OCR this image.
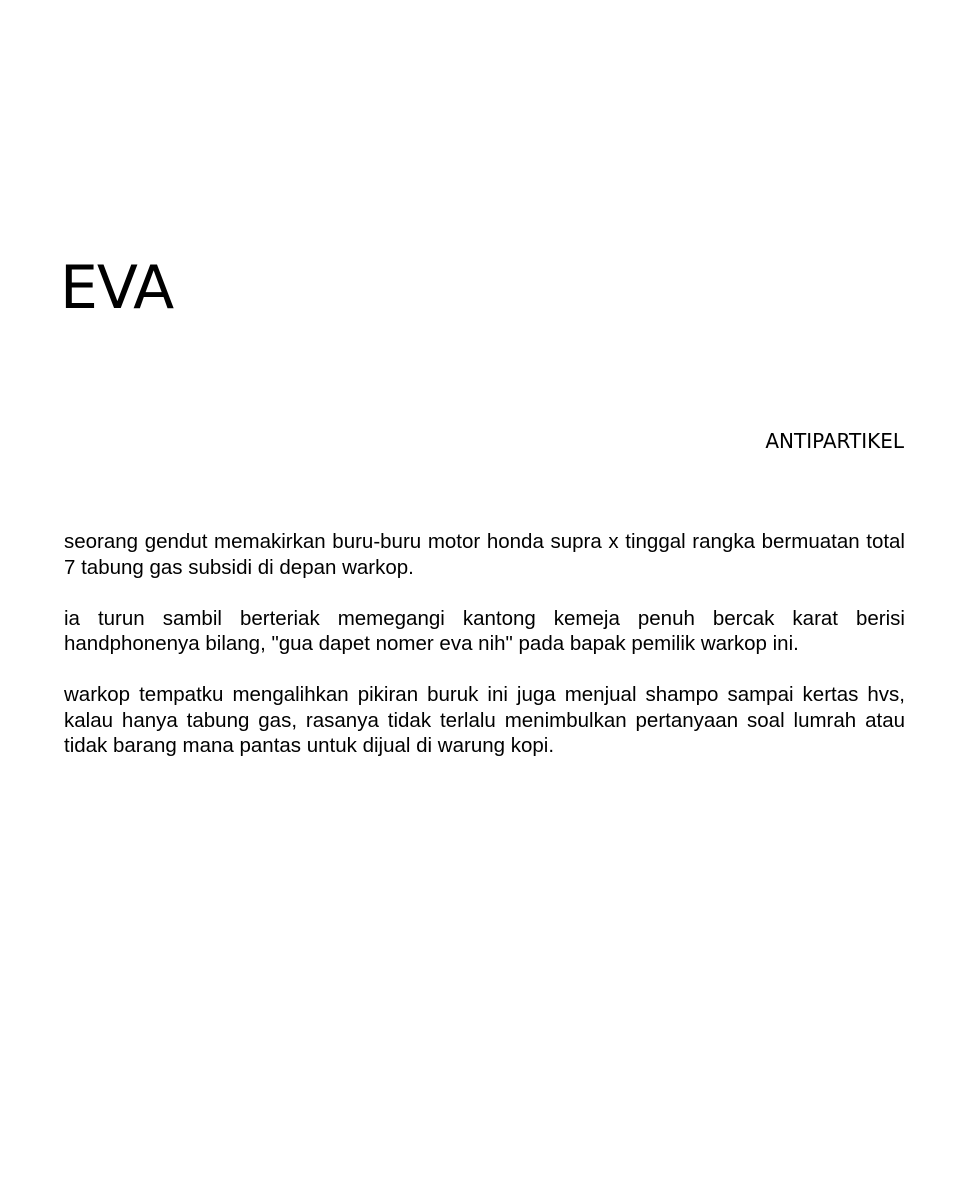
EVA
ANTIPARTIKEL

seorang gendut memakirkan buru-buru motor honda supra x tinggal rangka bermuatan total 7 tabung gas subsidi di depan warkop.

ia turun sambil berteriak memegangi kantong kemeja penuh bercak karat berisi handphonenya bilang, "gua dapet nomer eva nih" pada bapak pemilik warkop ini.

warkop tempatku mengalihkan pikiran buruk ini juga menjual shampo sampai kertas hvs, kalau hanya tabung gas, rasanya tidak terlalu menimbulkan pertanyaan soal lumrah atau tidak barang mana pantas untuk dijual di warung kopi.
